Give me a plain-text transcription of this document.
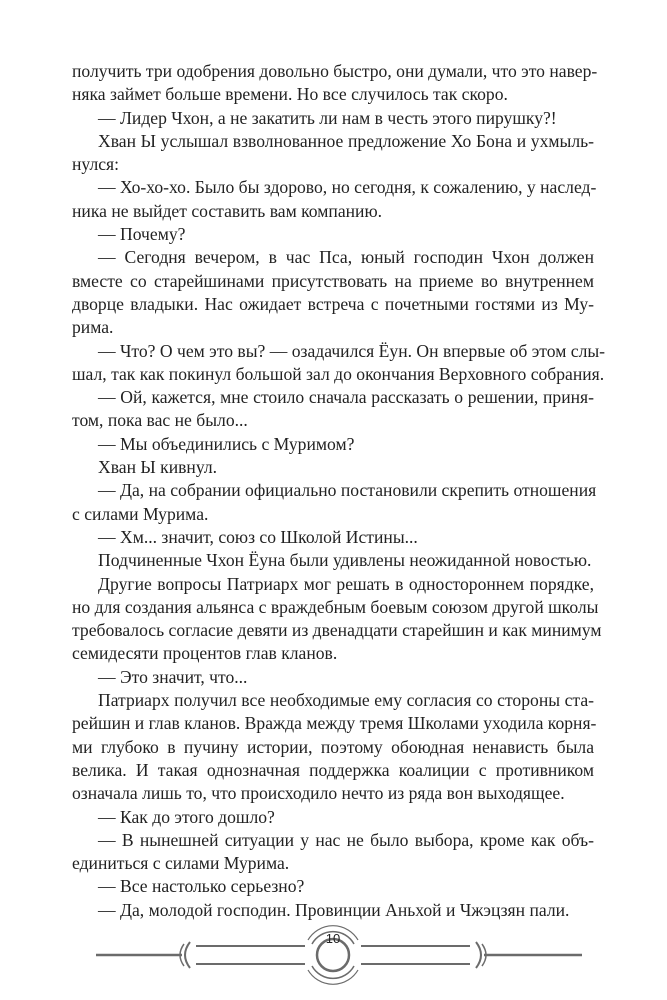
получить три одобрения довольно быстро, они думали, что это навер-
няка займет больше времени. Но все случилось так скоро.
— Лидер Чхон, а не закатить ли нам в честь этого пирушку?!
Хван Ы услышал взволнованное предложение Хо Бона и ухмыль-
нулся:
— Хо-хо-хо. Было бы здорово, но сегодня, к сожалению, у наслед-
ника не выйдет составить вам компанию.
— Почему?
— Сегодня вечером, в час Пса, юный господин Чхон должен
вместе со старейшинами присутствовать на приеме во внутреннем
дворце владыки. Нас ожидает встреча с почетными гостями из Му-
рима.
— Что? О чем это вы? — озадачился Ёун. Он впервые об этом слы-
шал, так как покинул большой зал до окончания Верховного собрания.
— Ой, кажется, мне стоило сначала рассказать о решении, приня-
том, пока вас не было...
— Мы объединились с Муримом?
Хван Ы кивнул.
— Да, на собрании официально постановили скрепить отношения
с силами Мурима.
— Хм... значит, союз со Школой Истины...
Подчиненные Чхон Ёуна были удивлены неожиданной новостью.
Другие вопросы Патриарх мог решать в одностороннем порядке,
но для создания альянса с враждебным боевым союзом другой школы
требовалось согласие девяти из двенадцати старейшин и как минимум
семидесяти процентов глав кланов.
— Это значит, что...
Патриарх получил все необходимые ему согласия со стороны ста-
рейшин и глав кланов. Вражда между тремя Школами уходила корня-
ми глубоко в пучину истории, поэтому обоюдная ненависть была
велика. И такая однозначная поддержка коалиции с противником
означала лишь то, что происходило нечто из ряда вон выходящее.
— Как до этого дошло?
— В нынешней ситуации у нас не было выбора, кроме как объ-
единиться с силами Мурима.
— Все настолько серьезно?
— Да, молодой господин. Провинции Аньхой и Чжэцзян пали.
10
